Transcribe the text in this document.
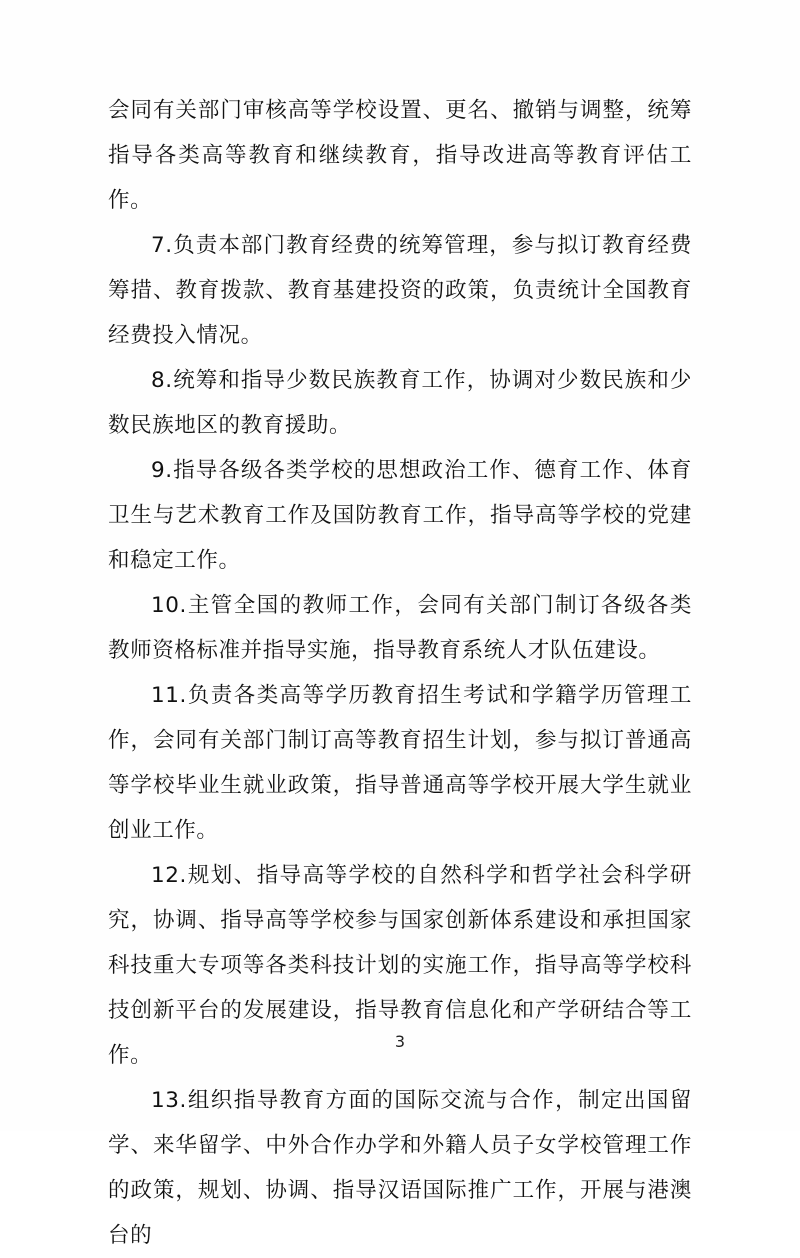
会同有关部门审核高等学校设置、更名、撤销与调整，统筹指导各类高等教育和继续教育，指导改进高等教育评估工作。

7.负责本部门教育经费的统筹管理，参与拟订教育经费筹措、教育拨款、教育基建投资的政策，负责统计全国教育经费投入情况。

8.统筹和指导少数民族教育工作，协调对少数民族和少数民族地区的教育援助。

9.指导各级各类学校的思想政治工作、德育工作、体育卫生与艺术教育工作及国防教育工作，指导高等学校的党建和稳定工作。

10.主管全国的教师工作，会同有关部门制订各级各类教师资格标准并指导实施，指导教育系统人才队伍建设。

11.负责各类高等学历教育招生考试和学籍学历管理工作，会同有关部门制订高等教育招生计划，参与拟订普通高等学校毕业生就业政策，指导普通高等学校开展大学生就业创业工作。

12.规划、指导高等学校的自然科学和哲学社会科学研究，协调、指导高等学校参与国家创新体系建设和承担国家科技重大专项等各类科技计划的实施工作，指导高等学校科技创新平台的发展建设，指导教育信息化和产学研结合等工作。

13.组织指导教育方面的国际交流与合作，制定出国留学、来华留学、中外合作办学和外籍人员子女学校管理工作的政策，规划、协调、指导汉语国际推广工作，开展与港澳台的

3
